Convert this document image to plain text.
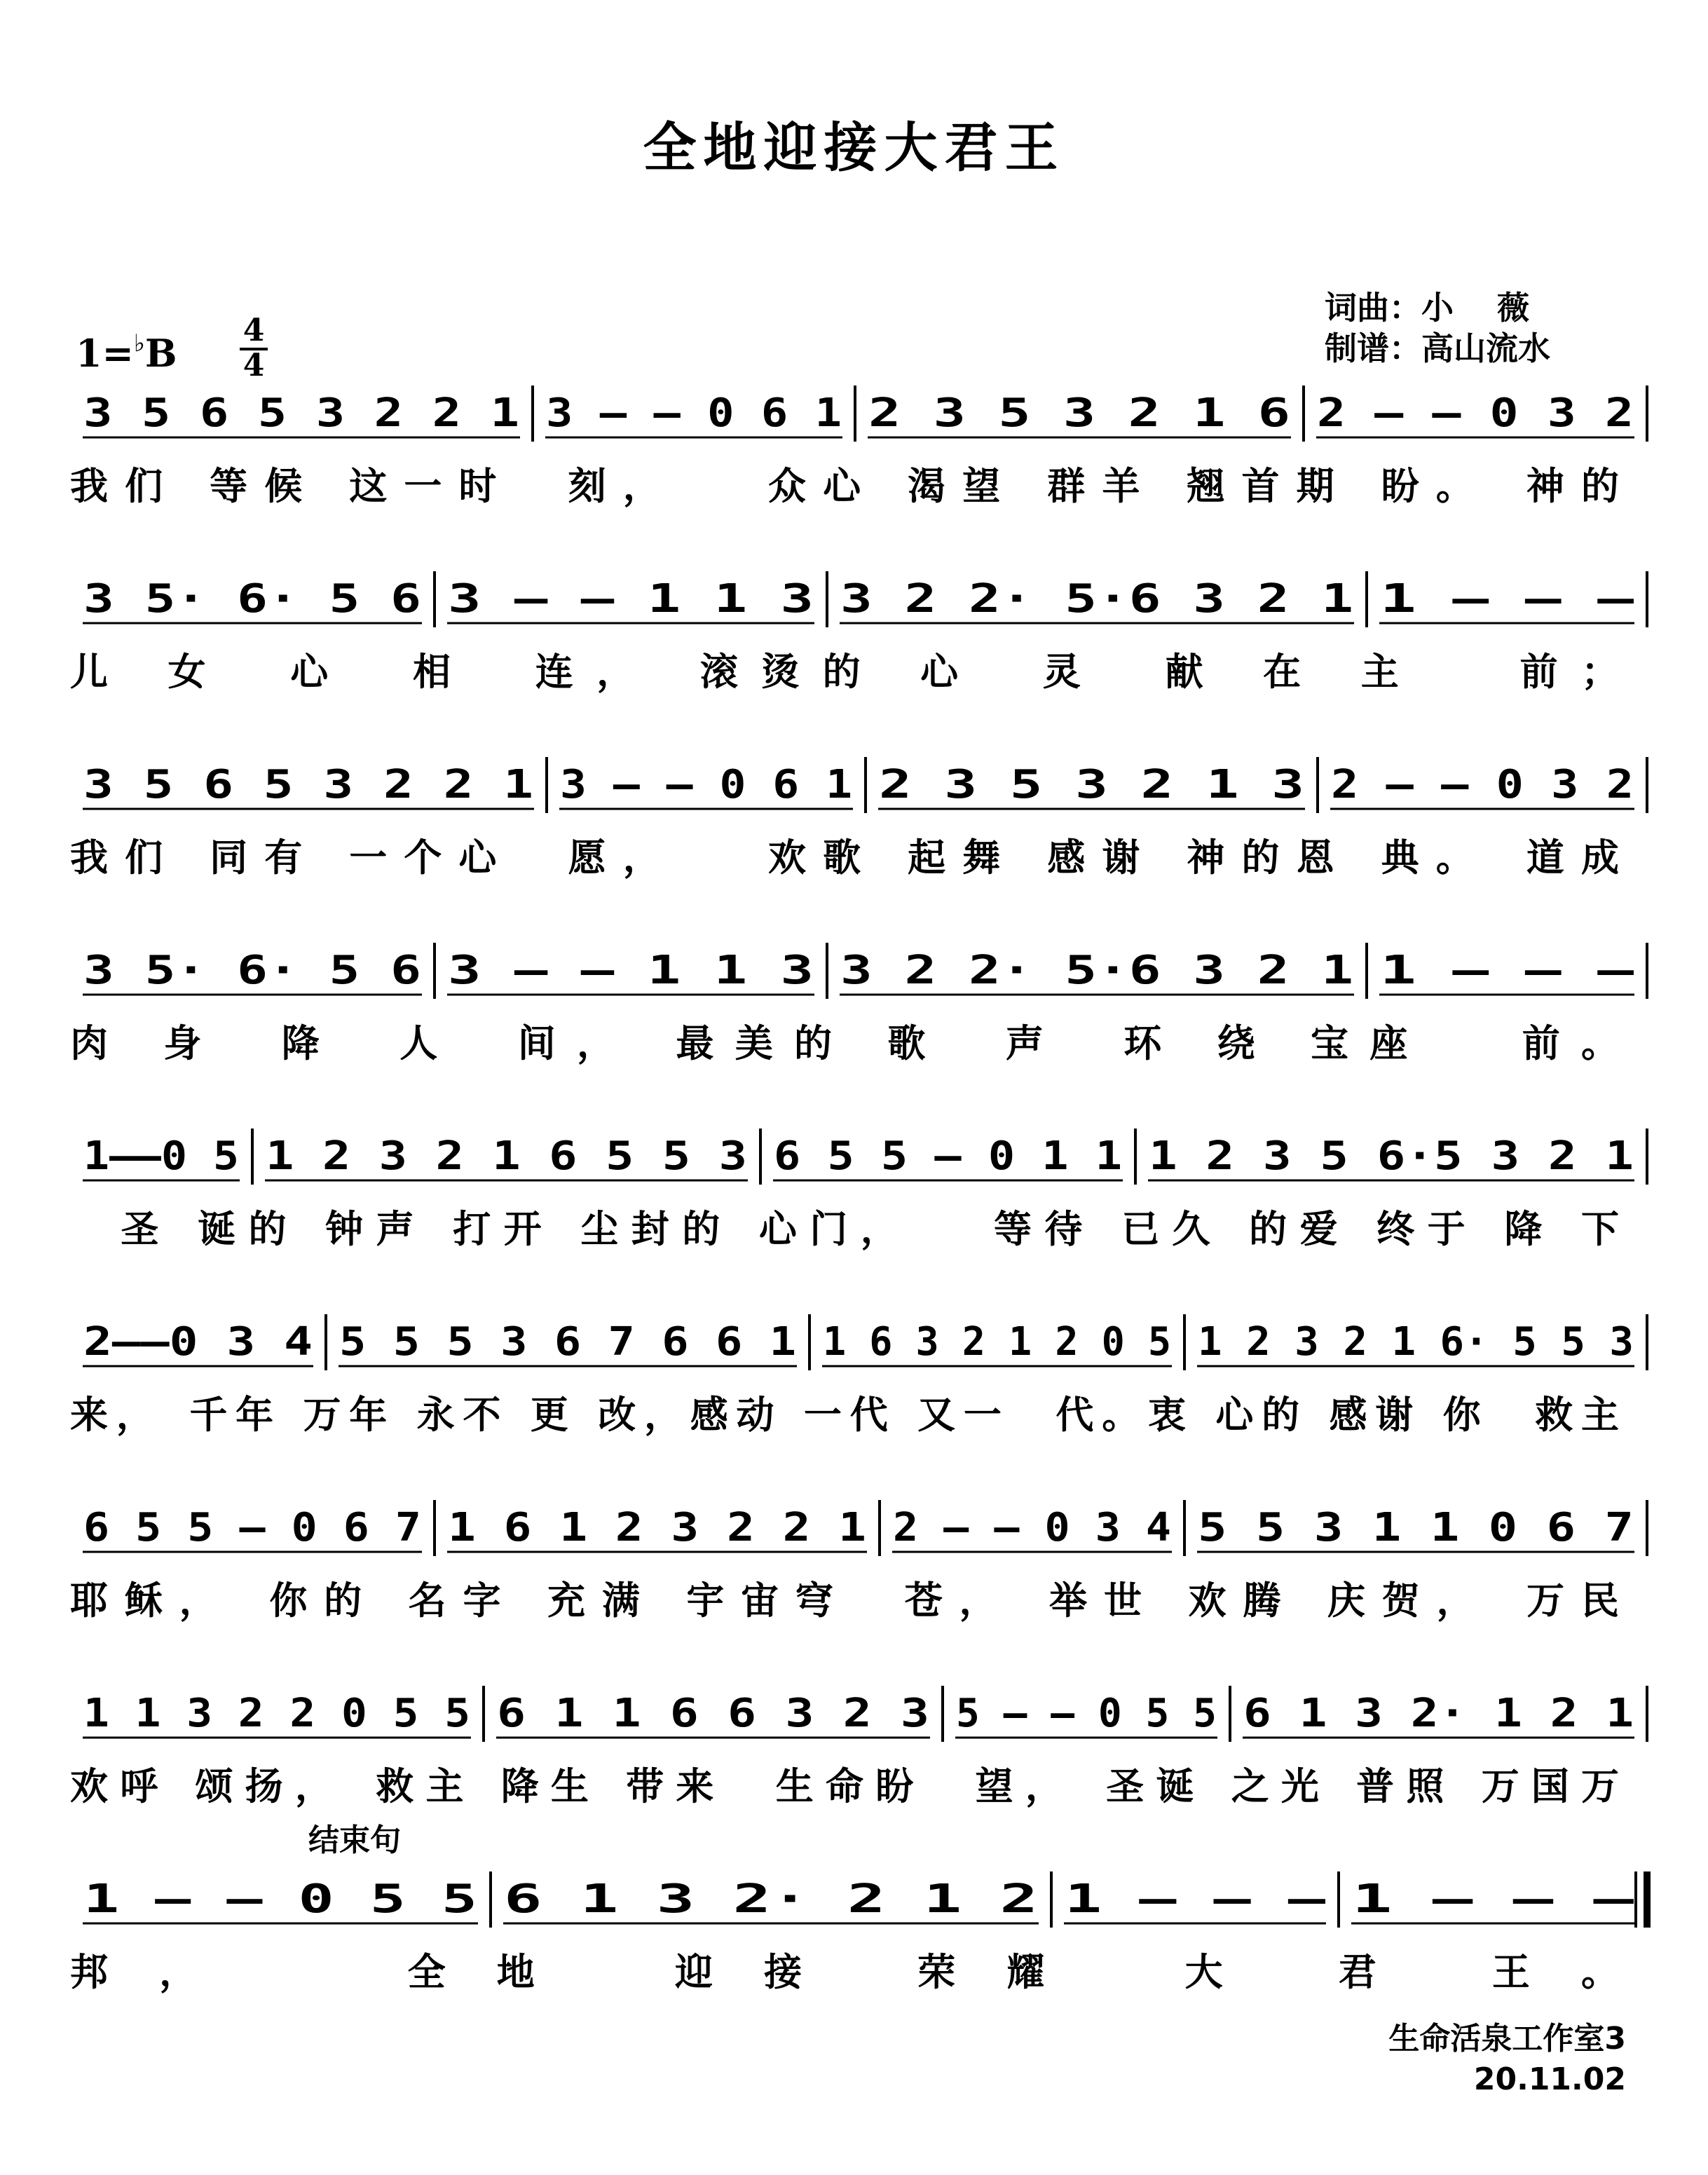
全地迎接大君王
词曲：小　 薇
制谱：高山流水
1=♭B
4
4
3 5 6 5 3 2 2 1 3 – – 0 6 1 2 3 5 3 2 1 6 2 – – 0 3 2
我们 等候 这一时　刻，　　众心 渴望 群羊 翘首期 盼。　神的
3 5· 6· 5 6 3 – – 1 1 3 3 2 2· 5·6 3 2 1 1 – – –
儿 女　心　相　连，　滚烫的 心　灵　献 在 主　 前；
3 5 6 5 3 2 2 1 3 – – 0 6 1 2 3 5 3 2 1 3 2 – – 0 3 2
我们 同有 一个心　愿，　　欢歌 起舞 感谢 神的恩 典。　道成
3 5· 6· 5 6 3 – – 1 1 3 3 2 2· 5·6 3 2 1 1 – – –
肉 身　降　人　间，　最美的 歌　声　环 绕 宝座　 前。
1––0 5 1 2 3 2 1 6 5 5 3 6 5 5 – 0 1 1 1 2 3 5 6·5 3 2 1
　圣 诞的 钟声 打开 尘封的 心门，　　等待 已久 的爱 终于 降 下
2––0 3 4 5 5 5 3 6 7 6 6 1 1 6 3 2 1 2 0 5 1 2 3 2 1 6· 5 5 3
来，　千年 万年 永不 更 改，感动 一代 又一　代。衷 心的 感谢 你　救主
6 5 5 – 0 6 7 1 6 1 2 3 2 2 1 2 – – 0 3 4 5 5 3 1 1 0 6 7
耶稣，　你的 名字 充满 宇宙穹　苍，　举世 欢腾 庆贺，　万民
1 1 3 2 2 0 5 5 6 1 1 6 6 3 2 3 5 – – 0 5 5 6 1 3 2· 1 2 1
欢呼 颂扬，　救主 降生 带来　生命盼　望，　圣诞 之光 普照 万国万
1 – – 0 5 5 6 1 3 2· 2 1 2 1 – – – 1 – – –
邦，　　全地　迎接 荣耀　大 君 王。
结束句
生命活泉工作室3
20.11.02
